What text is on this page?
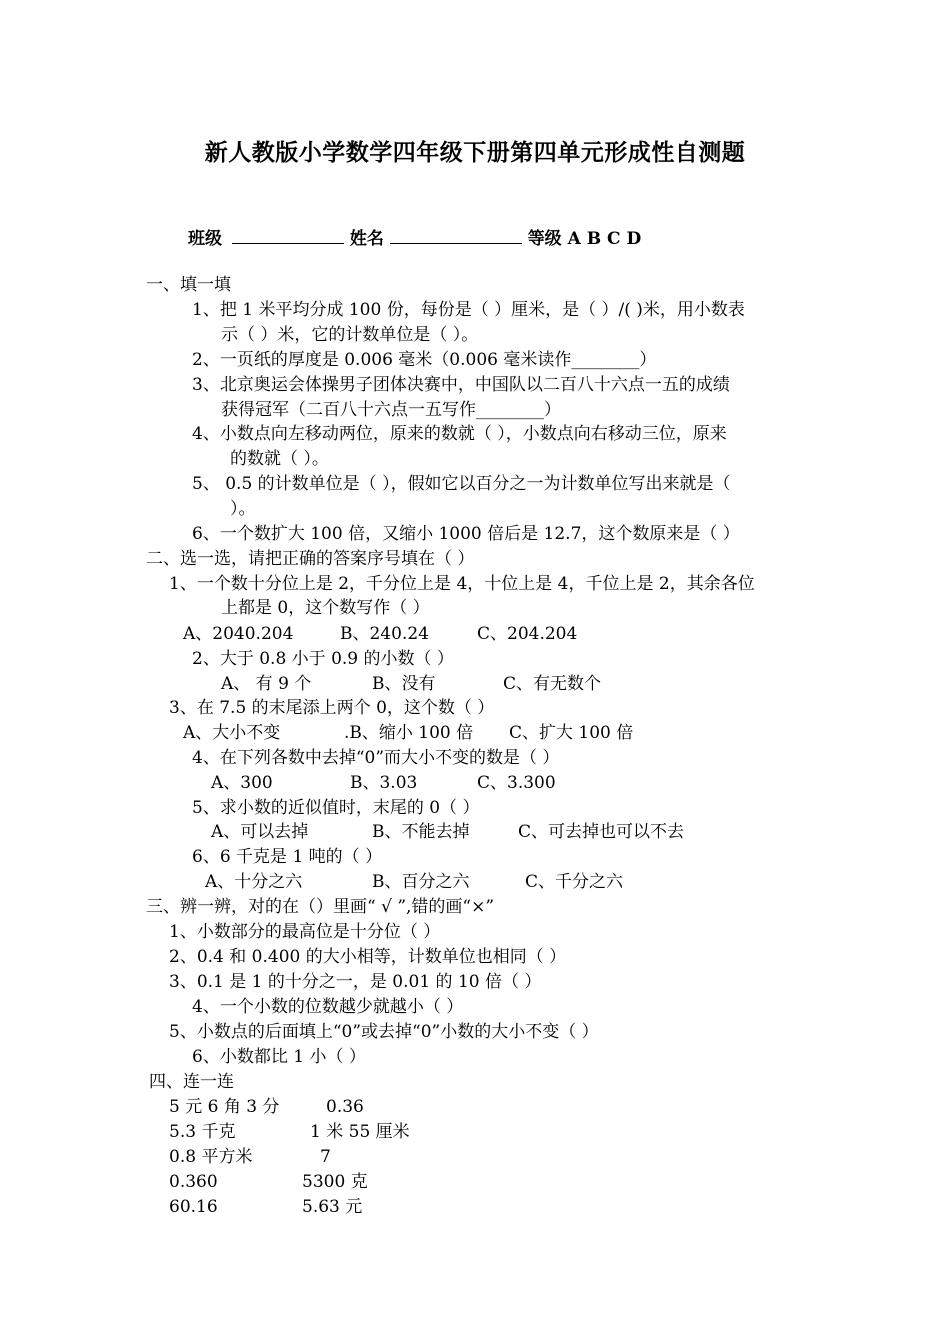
新人教版小学数学四年级下册第四单元形成性自测题
班级	姓名	等级 A B C D
一、填一填
1、把 1 米平均分成 100 份，每份是（ ）厘米，是（ ）/( )米，用小数表
示（ ）米，它的计数单位是（ ）。
2、一页纸的厚度是 0.006 毫米（0.006 毫米读作________）
3、北京奥运会体操男子团体决赛中，中国队以二百八十六点一五的成绩
获得冠军（二百八十六点一五写作________）
4、小数点向左移动两位，原来的数就（ ），小数点向右移动三位，原来
的数就（ ）。
5、 0.5 的计数单位是（ ），假如它以百分之一为计数单位写出来就是（
）。
6、一个数扩大 100 倍，又缩小 1000 倍后是 12.7，这个数原来是（ ）
二、选一选，请把正确的答案序号填在（ ）
1、一个数十分位上是 2，千分位上是 4，十位上是 4，千位上是 2，其余各位
上都是 0，这个数写作（ ）
A、2040.204	B、240.24	C、204.204
2、大于 0.8 小于 0.9 的小数（ ）
A、 有 9 个	B、没有	C、有无数个
3、在 7.5 的末尾添上两个 0，这个数（ ）
A、大小不变	.B、缩小 100 倍 C、扩大 100 倍
4、在下列各数中去掉“0”而大小不变的数是（ ）
A、300	B、3.03	C、3.300
5、求小数的近似值时，末尾的 0（ ）
A、可以去掉	B、不能去掉	C、可去掉也可以不去
6、6 千克是 1 吨的（ ）
A、十分之六	B、百分之六	C、千分之六
三、辨一辨，对的在（）里画“ √ ”,错的画“×”
1、小数部分的最高位是十分位（ ）
2、0.4 和 0.400 的大小相等，计数单位也相同（ ）
3、0.1 是 1 的十分之一，是 0.01 的 10 倍（ ）
4、一个小数的位数越少就越小（ ）
5、小数点的后面填上“0”或去掉“0”小数的大小不变（ ）
6、小数都比 1 小（ ）
四、连一连
5 元 6 角 3 分	0.36
5.3 千克	1 米 55 厘米
0.8 平方米	7
0.360	5300 克
60.16	5.63 元
